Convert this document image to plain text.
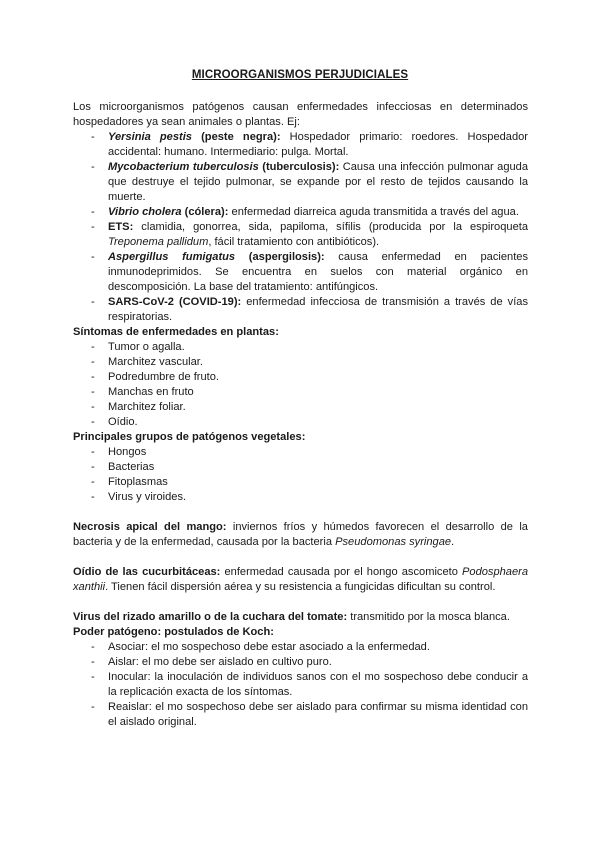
MICROORGANISMOS PERJUDICIALES

Los microorganismos patógenos causan enfermedades infecciosas en determinados hospedadores ya sean animales o plantas. Ej:

- Yersinia pestis (peste negra): Hospedador primario: roedores. Hospedador accidental: humano. Intermediario: pulga. Mortal.
- Mycobacterium tuberculosis (tuberculosis): Causa una infección pulmonar aguda que destruye el tejido pulmonar, se expande por el resto de tejidos causando la muerte.
- Vibrio cholera (cólera): enfermedad diarreica aguda transmitida a través del agua.
- ETS: clamidia, gonorrea, sida, papiloma, sífilis (producida por la espiroqueta Treponema pallidum, fácil tratamiento con antibióticos).
- Aspergillus fumigatus (aspergilosis): causa enfermedad en pacientes inmunodeprimidos. Se encuentra en suelos con material orgánico en descomposición. La base del tratamiento: antifúngicos.
- SARS-CoV-2 (COVID-19): enfermedad infecciosa de transmisión a través de vías respiratorias.

Síntomas de enfermedades en plantas:

- Tumor o agalla.
- Marchitez vascular.
- Podredumbre de fruto.
- Manchas en fruto
- Marchitez foliar.
- Oídio.

Principales grupos de patógenos vegetales:

- Hongos
- Bacterias
- Fitoplasmas
- Virus y viroides.

Necrosis apical del mango: inviernos fríos y húmedos favorecen el desarrollo de la bacteria y de la enfermedad, causada por la bacteria Pseudomonas syringae.

Oídio de las cucurbitáceas: enfermedad causada por el hongo ascomiceto Podosphaera xanthii. Tienen fácil dispersión aérea y su resistencia a fungicidas dificultan su control.

Virus del rizado amarillo o de la cuchara del tomate: transmitido por la mosca blanca.

Poder patógeno: postulados de Koch:

- Asociar: el mo sospechoso debe estar asociado a la enfermedad.
- Aislar: el mo debe ser aislado en cultivo puro.
- Inocular: la inoculación de individuos sanos con el mo sospechoso debe conducir a la replicación exacta de los síntomas.
- Reaislar: el mo sospechoso debe ser aislado para confirmar su misma identidad con el aislado original.
